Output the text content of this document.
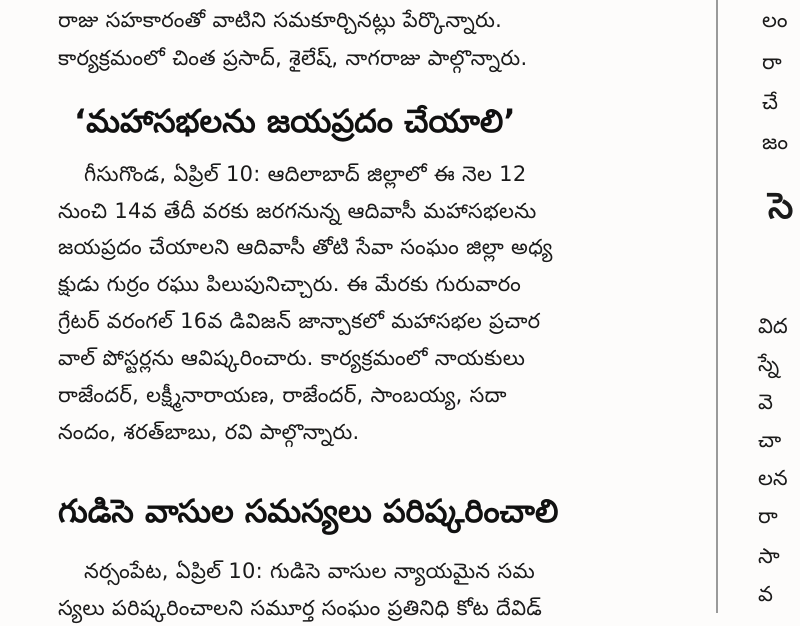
రాజు సహకారంతో వాటిని సమకూర్చినట్లు పేర్కొన్నారు.
కార్యక్రమంలో చింత ప్రసాద్, శైలేష్, నాగరాజు పాల్గొన్నారు.
‘మహాసభలను జయప్రదం చేయాలి’
గీసుగొండ, ఏప్రిల్ 10: ఆదిలాబాద్ జిల్లాలో ఈ నెల 12
నుంచి 14వ తేదీ వరకు జరగనున్న ఆదివాసీ మహాసభలను
జయప్రదం చేయాలని ఆదివాసీ తోటి సేవా సంఘం జిల్లా అధ్య
క్షుడు గుర్రం రఘు పిలుపునిచ్చారు. ఈ మేరకు గురువారం
గ్రేటర్ వరంగల్ 16వ డివిజన్ జాన్పాకలో మహాసభల ప్రచార
వాల్ పోస్టర్లను ఆవిష్కరించారు. కార్యక్రమంలో నాయకులు
రాజేందర్, లక్ష్మీనారాయణ, రాజేందర్, సాంబయ్య, సదా
నందం, శరత్‌బాబు, రవి పాల్గొన్నారు.
గుడిసె వాసుల సమస్యలు పరిష్కరించాలి
నర్సంపేట, ఏప్రిల్ 10: గుడిసె వాసుల న్యాయమైన సమ
స్యలు పరిష్కరించాలని సమూర్త సంఘం ప్రతినిధి కోట దేవిడ్
లం
రా
చే
జం
సె
విద
స్నే
వె
చా
లన
రా
సా
వ
